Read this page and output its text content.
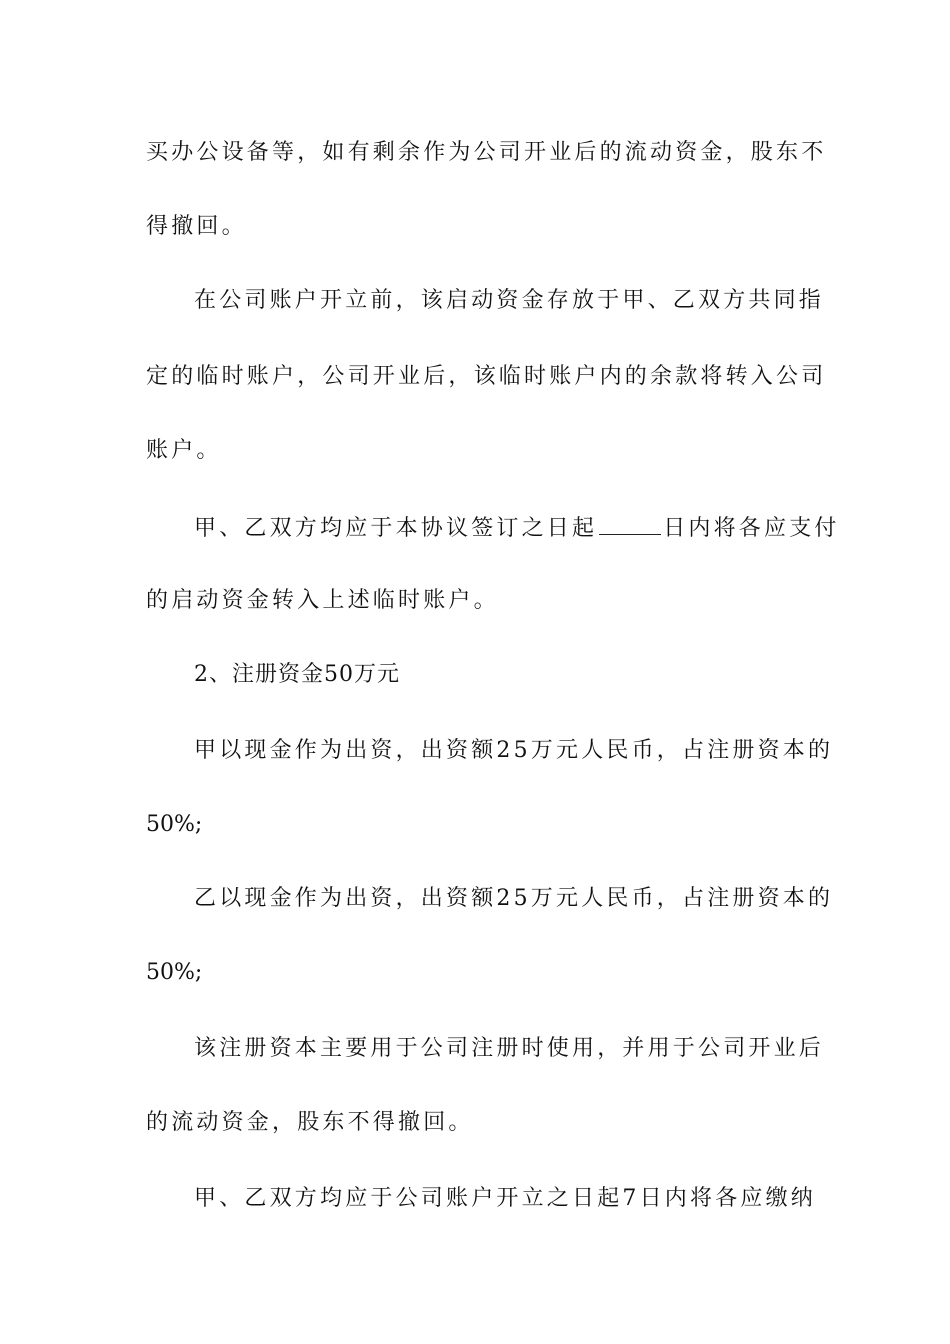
买办公设备等，如有剩余作为公司开业后的流动资金，股东不
得撤回。
在公司账户开立前，该启动资金存放于甲、乙双方共同指
定的临时账户，公司开业后，该临时账户内的余款将转入公司
账户。
甲、乙双方均应于本协议签订之日起	日内将各应支付
的启动资金转入上述临时账户。
2、注册资金50万元
甲以现金作为出资，出资额25万元人民币，占注册资本的
50%;
乙以现金作为出资，出资额25万元人民币，占注册资本的
50%;
该注册资本主要用于公司注册时使用，并用于公司开业后
的流动资金，股东不得撤回。
甲、乙双方均应于公司账户开立之日起7日内将各应缴纳
